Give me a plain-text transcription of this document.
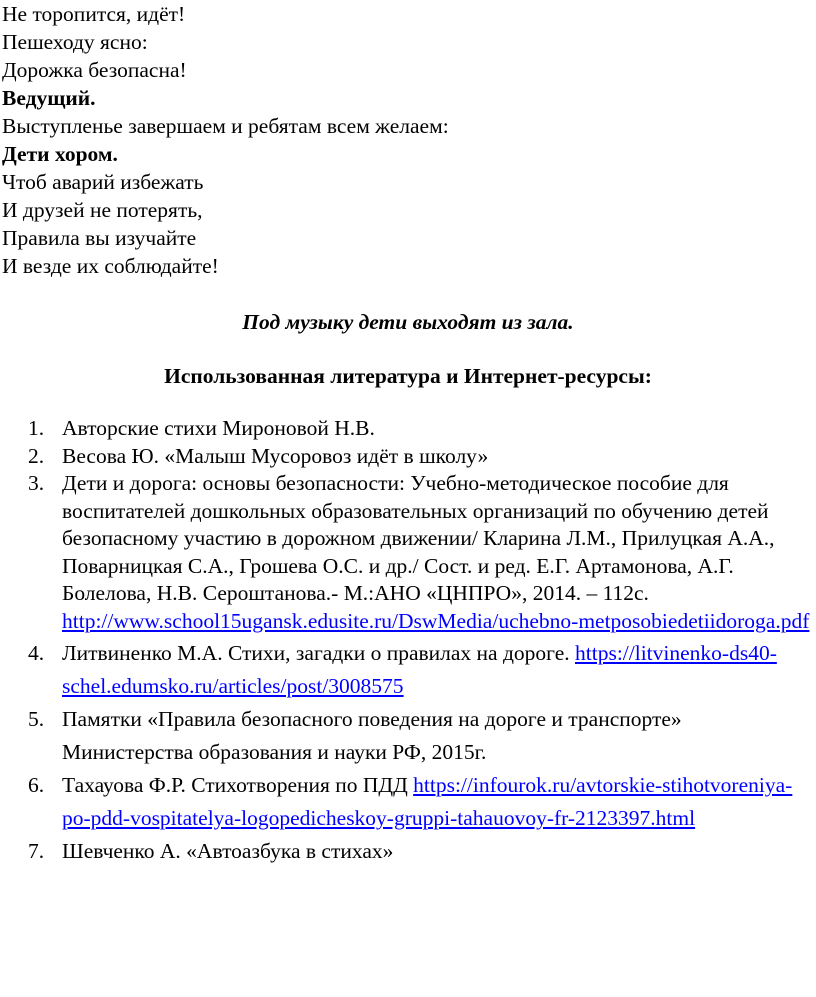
Не торопится, идёт!
Пешеходу ясно:
Дорожка безопасна!
Ведущий.
Выступленье завершаем и ребятам всем желаем:
Дети хором.
Чтоб аварий избежать
И друзей не потерять,
Правила вы изучайте
И везде их соблюдайте!
Под музыку дети выходят из зала.
Использованная литература и Интернет-ресурсы:
1. Авторские стихи Мироновой Н.В.
2. Весова Ю. «Малыш Мусоровоз идёт в школу»
3. Дети и дорога: основы безопасности: Учебно-методическое пособие для воспитателей дошкольных образовательных организаций по обучению детей безопасному участию в дорожном движении/ Кларина Л.М., Прилуцкая А.А., Поварницкая С.А., Грошева О.С. и др./ Сост. и ред. Е.Г. Артамонова, А.Г. Болелова, Н.В. Сероштанова.- М.:АНО «ЦНПРО», 2014. – 112с. http://www.school15ugansk.edusite.ru/DswMedia/uchebno-metposobiedetiidoroga.pdf
4. Литвиненко М.А. Стихи, загадки о правилах на дороге. https://litvinenko-ds40-schel.edumsko.ru/articles/post/3008575
5. Памятки «Правила безопасного поведения на дороге и транспорте» Министерства образования и науки РФ, 2015г.
6. Тахауова Ф.Р. Стихотворения по ПДД https://infourok.ru/avtorskie-stihotvoreniya-po-pdd-vospitatelya-logopedicheskoy-gruppi-tahauovoy-fr-2123397.html
7. Шевченко А. «Автоазбука в стихах»
